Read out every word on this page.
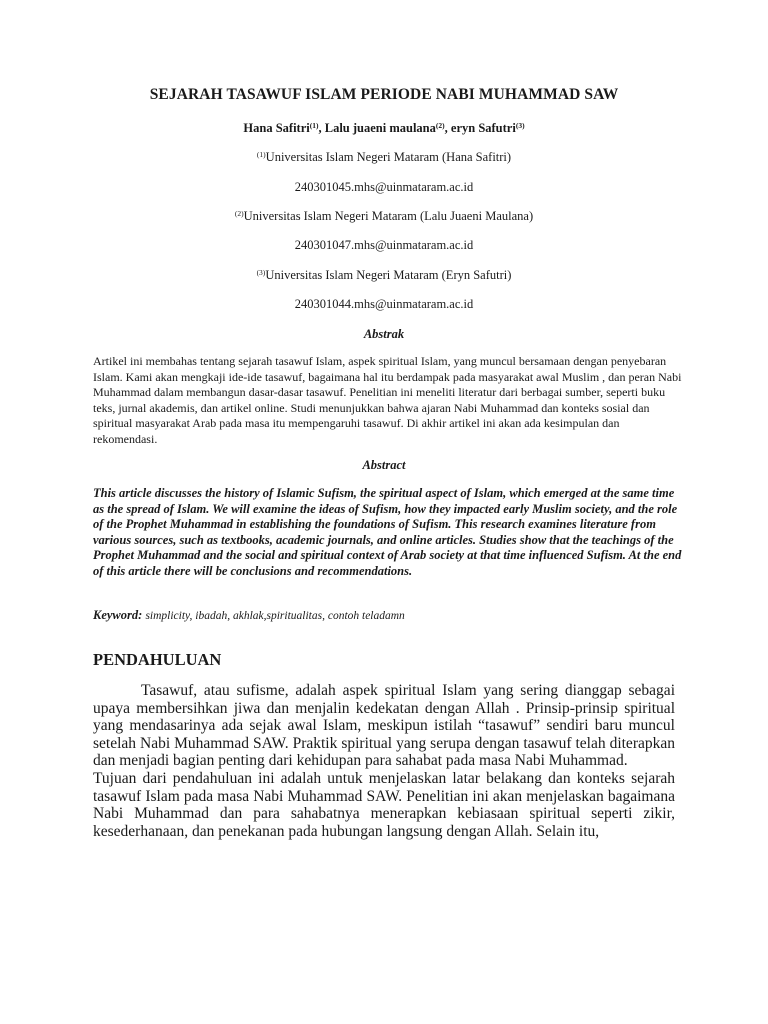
SEJARAH TASAWUF ISLAM PERIODE NABI MUHAMMAD SAW
Hana Safitri$^{(1)}$, Lalu juaeni maulana$^{(2)}$, eryn Safutri$^{(3)}$
$^{(1)}$Universitas Islam Negeri Mataram (Hana Safitri)
240301045.mhs@uinmataram.ac.id
$^{(2)}$Universitas Islam Negeri Mataram (Lalu Juaeni Maulana)
240301047.mhs@uinmataram.ac.id
$^{(3)}$Universitas Islam Negeri Mataram (Eryn Safutri)
240301044.mhs@uinmataram.ac.id
Abstrak
Artikel ini membahas tentang sejarah tasawuf Islam, aspek spiritual Islam, yang muncul bersamaan dengan penyebaran Islam. Kami akan mengkaji ide-ide tasawuf, bagaimana hal itu berdampak pada masyarakat awal Muslim , dan peran Nabi Muhammad dalam membangun dasar-dasar tasawuf. Penelitian ini meneliti literatur dari berbagai sumber, seperti buku teks, jurnal akademis, dan artikel online. Studi menunjukkan bahwa ajaran Nabi Muhammad dan konteks sosial dan spiritual masyarakat Arab pada masa itu mempengaruhi tasawuf. Di akhir artikel ini akan ada kesimpulan dan rekomendasi.
Abstract
This article discusses the history of Islamic Sufism, the spiritual aspect of Islam, which emerged at the same time as the spread of Islam. We will examine the ideas of Sufism, how they impacted early Muslim society, and the role of the Prophet Muhammad in establishing the foundations of Sufism. This research examines literature from various sources, such as textbooks, academic journals, and online articles. Studies show that the teachings of the Prophet Muhammad and the social and spiritual context of Arab society at that time influenced Sufism. At the end of this article there will be conclusions and recommendations.
Keyword: simplicity, ibadah, akhlak,spiritualitas, contoh teladamn
PENDAHULUAN

Tasawuf, atau sufisme, adalah aspek spiritual Islam yang sering dianggap sebagai upaya membersihkan jiwa dan menjalin kedekatan dengan Allah . Prinsip-prinsip spiritual yang mendasarinya ada sejak awal Islam, meskipun istilah “tasawuf” sendiri baru muncul setelah Nabi Muhammad SAW. Praktik spiritual yang serupa dengan tasawuf telah diterapkan dan menjadi bagian penting dari kehidupan para sahabat pada masa Nabi Muhammad.

Tujuan dari pendahuluan ini adalah untuk menjelaskan latar belakang dan konteks sejarah tasawuf Islam pada masa Nabi Muhammad SAW. Penelitian ini akan menjelaskan bagaimana Nabi Muhammad dan para sahabatnya menerapkan kebiasaan spiritual seperti zikir, kesederhanaan, dan penekanan pada hubungan langsung dengan Allah. Selain itu,
